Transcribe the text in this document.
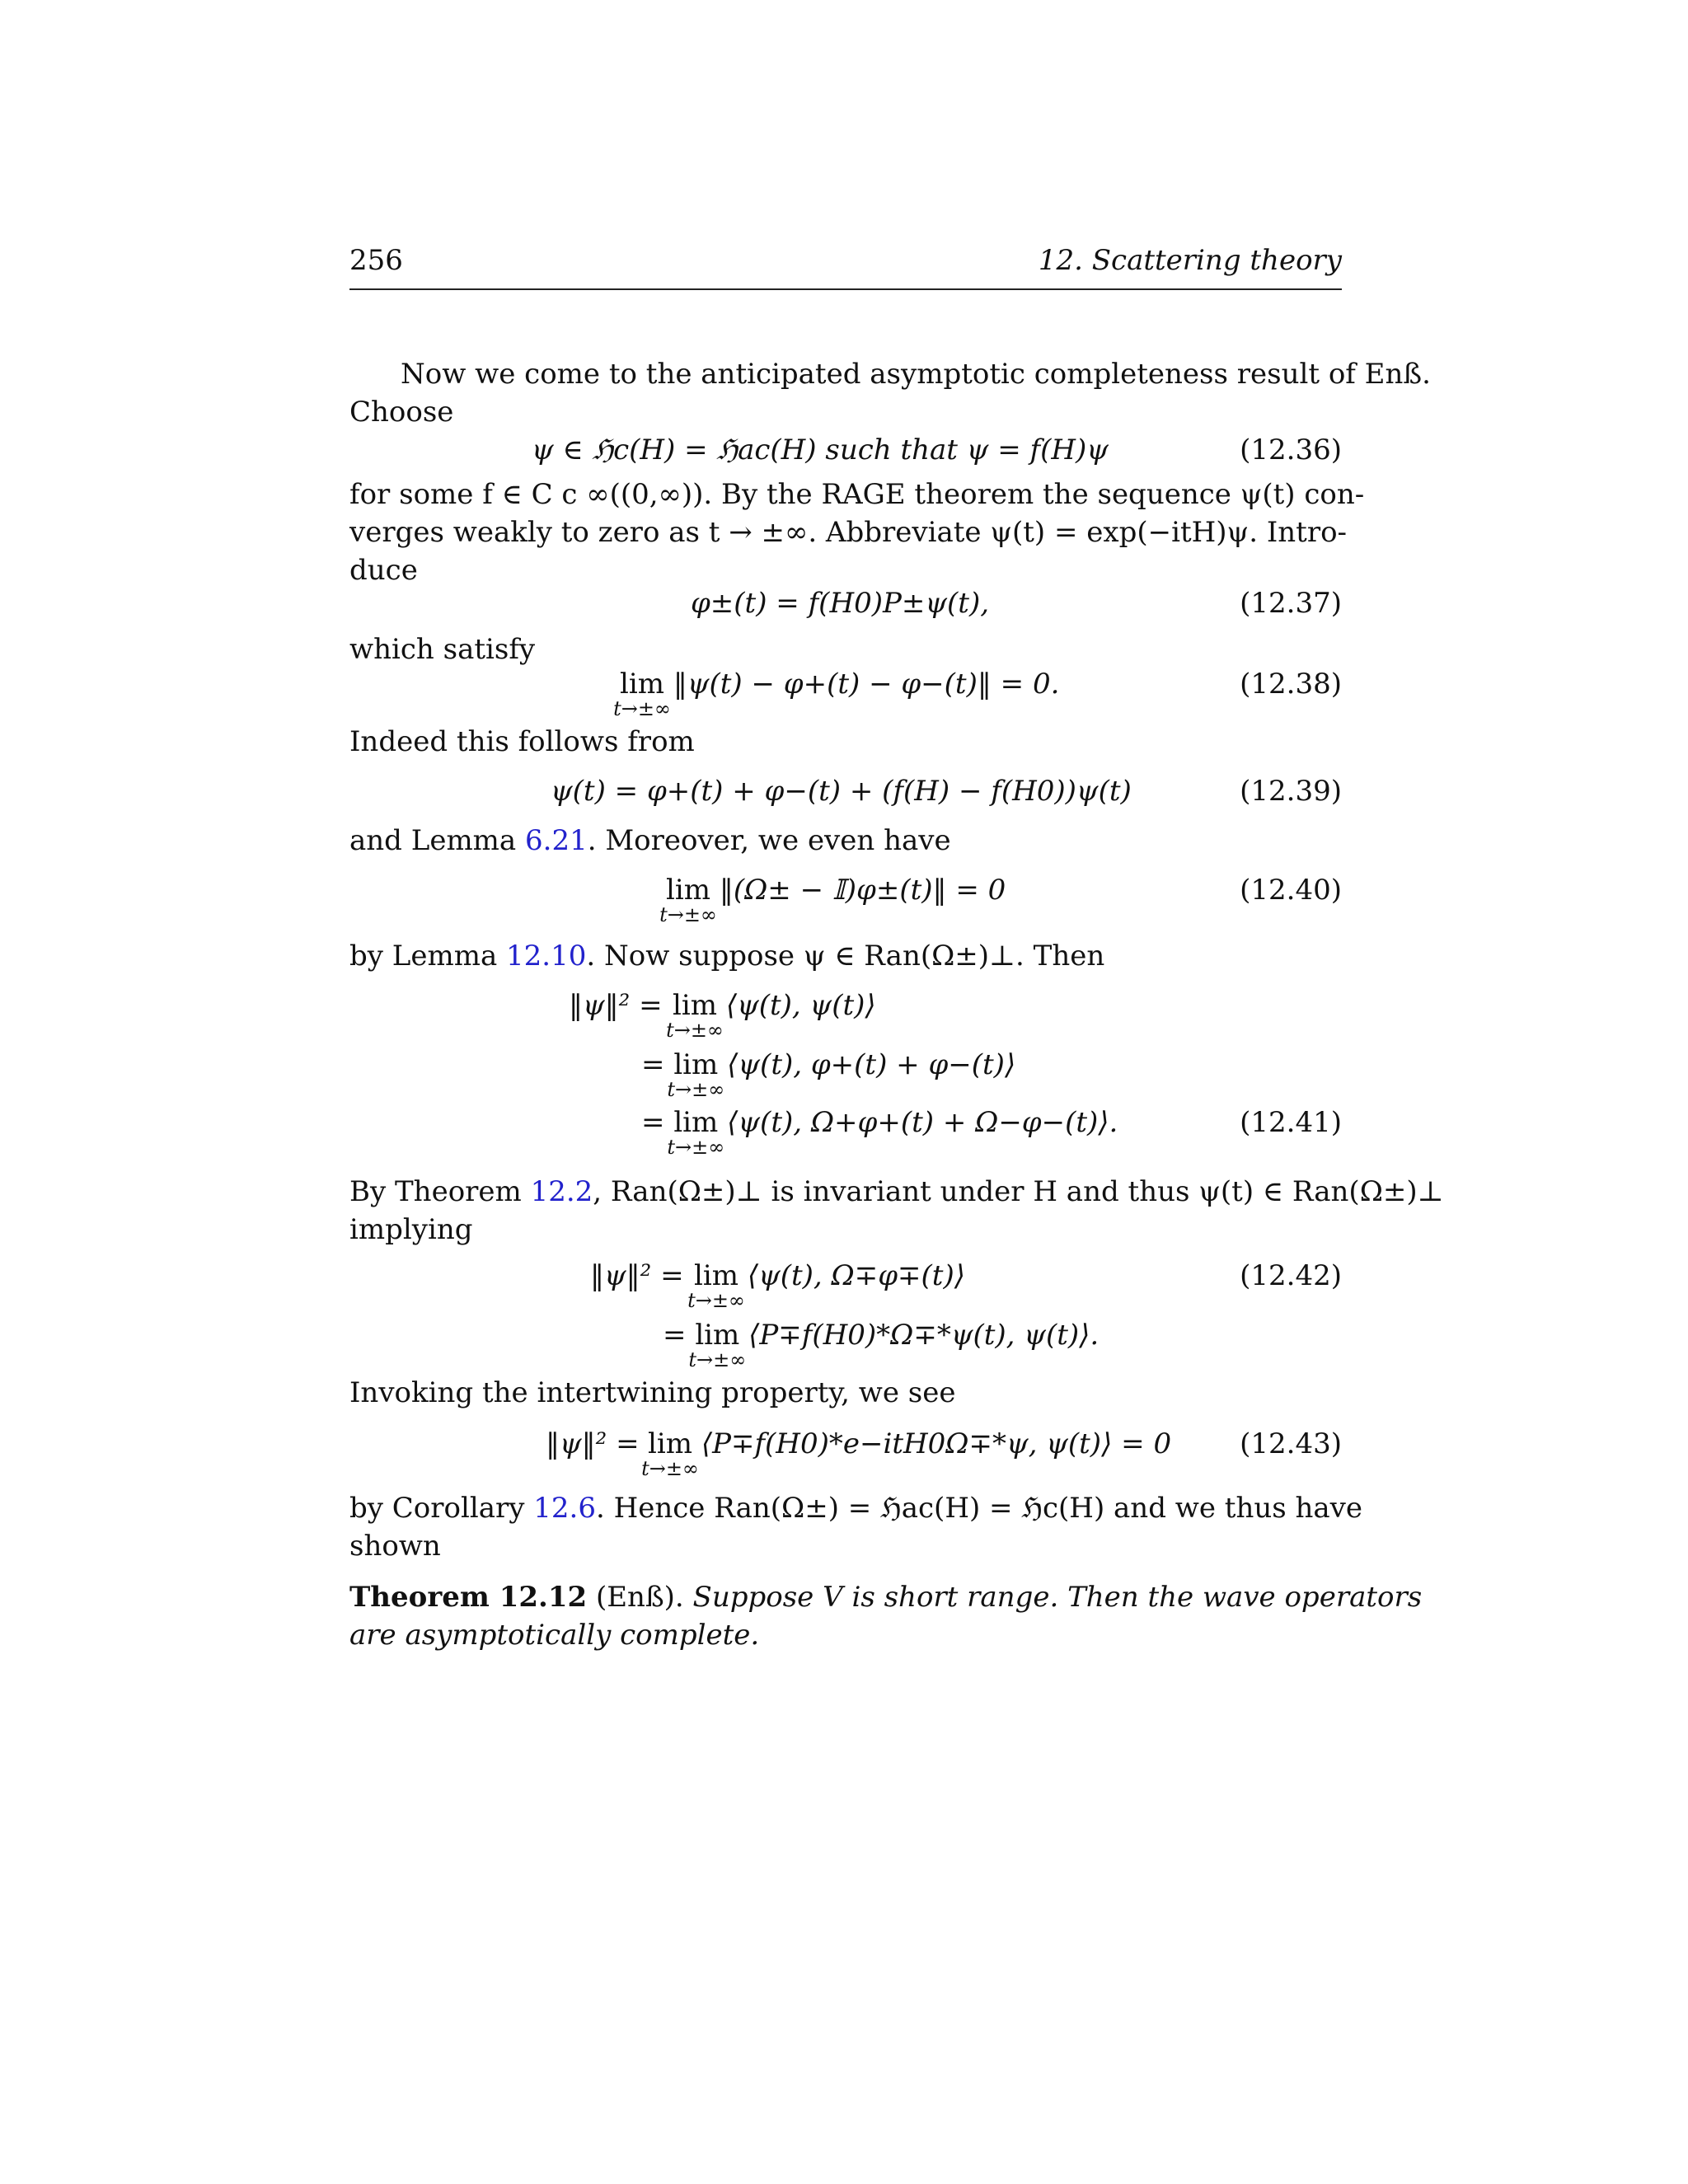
256	12. Scattering theory
Now we come to the anticipated asymptotic completeness result of Enß.
Choose
ψ ∈ ℌc(H) = ℌac(H) such that ψ = f(H)ψ	(12.36)
for some f ∈ C c ∞((0,∞)). By the RAGE theorem the sequence ψ(t) con-
verges weakly to zero as t → ±∞. Abbreviate ψ(t) = exp(−itH)ψ. Intro-
duce
φ±(t) = f(H0)P±ψ(t),	(12.37)
which satisfy
lim
t→±∞
‖ψ(t) − φ+(t) − φ−(t)‖ = 0.	(12.38)
Indeed this follows from
ψ(t) = φ+(t) + φ−(t) + (f(H) − f(H0))ψ(t)	(12.39)
and Lemma 6.21. Moreover, we even have
lim
t→±∞
‖(Ω± − 𝕀)φ±(t)‖ = 0	(12.40)
by Lemma 12.10. Now suppose ψ ∈ Ran(Ω±)⊥. Then
‖ψ‖² = lim
t→±∞
⟨ψ(t), ψ(t)⟩
= lim
t→±∞
⟨ψ(t), φ+(t) + φ−(t)⟩
= lim
t→±∞
⟨ψ(t), Ω+φ+(t) + Ω−φ−(t)⟩.	(12.41)
By Theorem 12.2, Ran(Ω±)⊥ is invariant under H and thus ψ(t) ∈ Ran(Ω±)⊥
implying
‖ψ‖² = lim
t→±∞
⟨ψ(t), Ω∓φ∓(t)⟩	(12.42)
= lim
t→±∞
⟨P∓f(H0)*Ω∓*ψ(t), ψ(t)⟩.
Invoking the intertwining property, we see
‖ψ‖² = lim
t→±∞
⟨P∓f(H0)*e−itH0Ω∓*ψ, ψ(t)⟩ = 0 (12.43)
by Corollary 12.6. Hence Ran(Ω±) = ℌac(H) = ℌc(H) and we thus have
shown
Theorem 12.12 (Enß). Suppose V is short range. Then the wave operators
are asymptotically complete.
